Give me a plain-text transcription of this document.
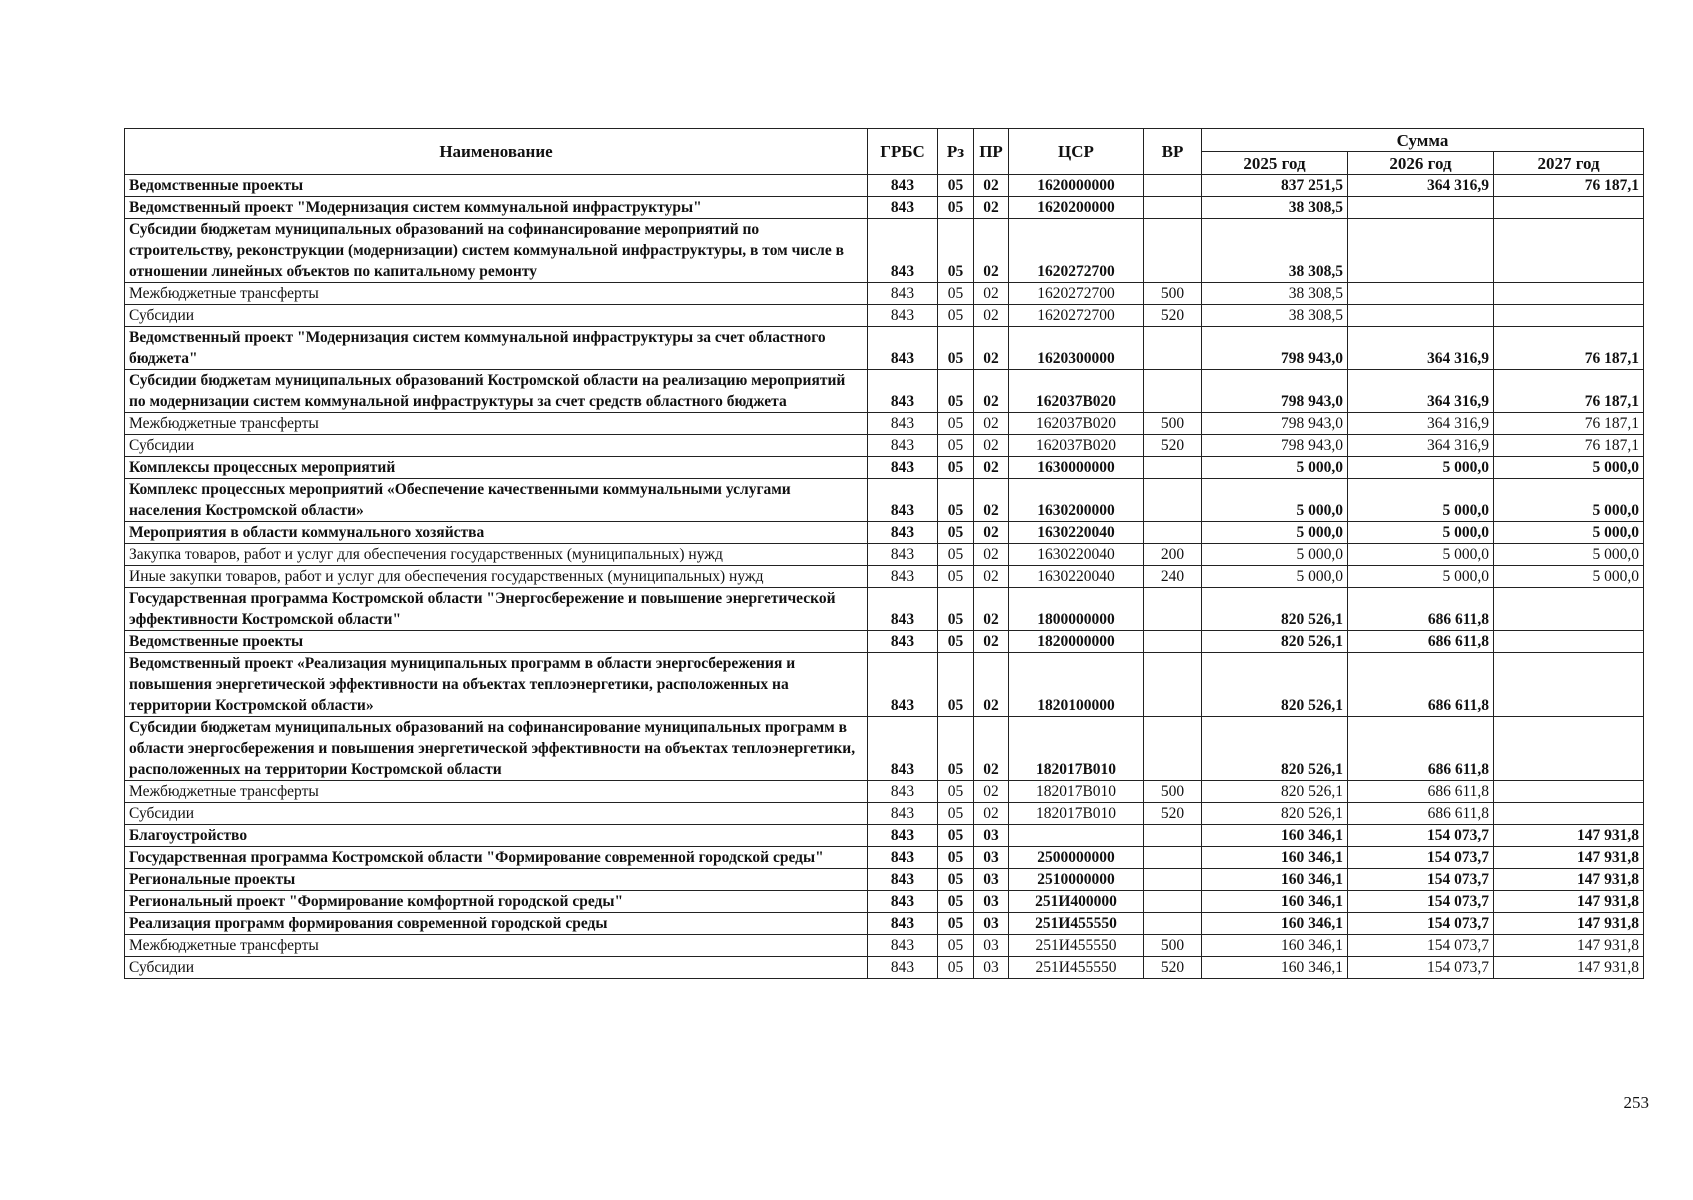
Наименование	ГРБС	Рз	ПР	ЦСР	ВР	Сумма		
						2025 год	2026 год	2027 год
Ведомственные проекты	843	05	02	1620000000		837 251,5	364 316,9	76 187,1
Ведомственный проект "Модернизация систем коммунальной инфраструктуры"	843	05	02	1620200000		38 308,5		
Субсидии бюджетам муниципальных образований на софинансирование мероприятий по строительству, реконструкции (модернизации) систем коммунальной инфраструктуры, в том числе в отношении линейных объектов по капитальному ремонту	843	05	02	1620272700		38 308,5		
Межбюджетные трансферты	843	05	02	1620272700	500	38 308,5		
Субсидии	843	05	02	1620272700	520	38 308,5		
Ведомственный проект "Модернизация систем коммунальной инфраструктуры за счет областного бюджета"	843	05	02	1620300000		798 943,0	364 316,9	76 187,1
Субсидии бюджетам муниципальных образований Костромской области на реализацию мероприятий по модернизации систем коммунальной инфраструктуры за счет средств областного бюджета	843	05	02	162037B020		798 943,0	364 316,9	76 187,1
Межбюджетные трансферты	843	05	02	162037B020	500	798 943,0	364 316,9	76 187,1
Субсидии	843	05	02	162037B020	520	798 943,0	364 316,9	76 187,1
Комплексы процессных мероприятий	843	05	02	1630000000		5 000,0	5 000,0	5 000,0
Комплекс процессных мероприятий «Обеспечение качественными коммунальными услугами населения Костромской области»	843	05	02	1630200000		5 000,0	5 000,0	5 000,0
Мероприятия в области коммунального хозяйства	843	05	02	1630220040		5 000,0	5 000,0	5 000,0
Закупка товаров, работ и услуг для обеспечения государственных (муниципальных) нужд	843	05	02	1630220040	200	5 000,0	5 000,0	5 000,0
Иные закупки товаров, работ и услуг для обеспечения государственных (муниципальных) нужд	843	05	02	1630220040	240	5 000,0	5 000,0	5 000,0
Государственная программа Костромской области "Энергосбережение и повышение энергетической эффективности Костромской области"	843	05	02	1800000000		820 526,1	686 611,8	
Ведомственные проекты	843	05	02	1820000000		820 526,1	686 611,8	
Ведомственный проект «Реализация муниципальных программ в области энергосбережения и повышения энергетической эффективности на объектах теплоэнергетики, расположенных на территории Костромской области»	843	05	02	1820100000		820 526,1	686 611,8	
Субсидии бюджетам муниципальных образований на софинансирование муниципальных программ в области энергосбережения и повышения энергетической эффективности на объектах теплоэнергетики, расположенных на территории Костромской области	843	05	02	182017B010		820 526,1	686 611,8	
Межбюджетные трансферты	843	05	02	182017B010	500	820 526,1	686 611,8	
Субсидии	843	05	02	182017B010	520	820 526,1	686 611,8	
Благоустройство	843	05	03			160 346,1	154 073,7	147 931,8
Государственная программа Костромской области "Формирование современной городской среды"	843	05	03	2500000000		160 346,1	154 073,7	147 931,8
Региональные проекты	843	05	03	2510000000		160 346,1	154 073,7	147 931,8
Региональный проект "Формирование комфортной городской среды"	843	05	03	251И400000		160 346,1	154 073,7	147 931,8
Реализация программ формирования современной городской среды	843	05	03	251И455550		160 346,1	154 073,7	147 931,8
Межбюджетные трансферты	843	05	03	251И455550	500	160 346,1	154 073,7	147 931,8
Субсидии	843	05	03	251И455550	520	160 346,1	154 073,7	147 931,8
253
